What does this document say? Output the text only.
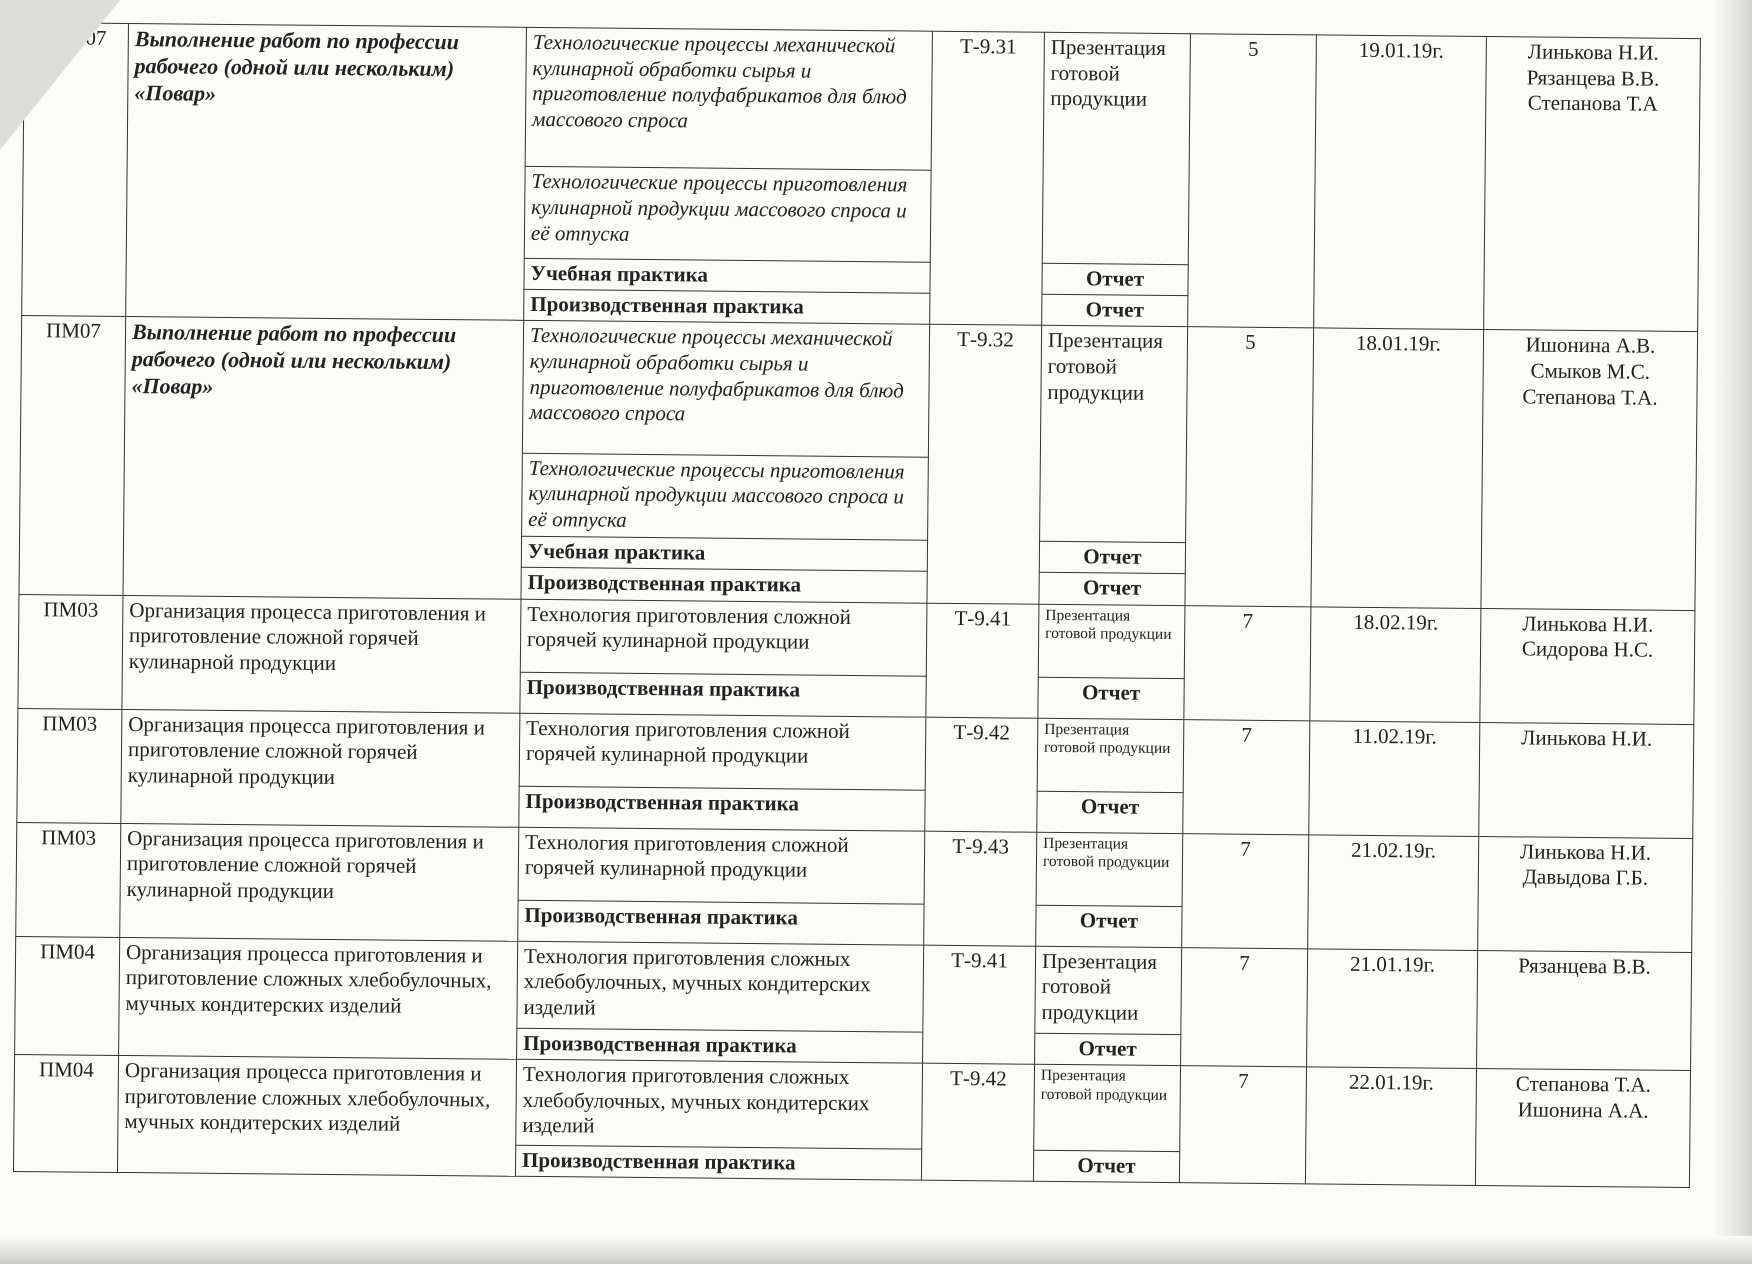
ПМ 07	Выполнение работ по профессии рабочего (одной или нескольким) «Повар»	Технологические процессы механической кулинарной обработки сырья и приготовление полуфабрикатов для блюд массового спроса	Т-9.31	Презентация готовой продукции	5	19.01.19г.	Линькова Н.И.
Рязанцева В.В.
Степанова Т.А

		Технологические процессы приготовления кулинарной продукции массового спроса и её отпуска					
		Учебная практика		Отчет			
		Производственная практика		Отчет			
ПМ07	Выполнение работ по профессии рабочего (одной или нескольким) «Повар»	Технологические процессы механической кулинарной обработки сырья и приготовление полуфабрикатов для блюд массового спроса	Т-9.32	Презентация готовой продукции	5	18.01.19г.	Ишонина А.В.
Смыков М.С.
Степанова Т.А.

		Технологические процессы приготовления кулинарной продукции массового спроса и её отпуска					
		Учебная практика		Отчет			
		Производственная практика		Отчет			
ПМ03	Организация процесса приготовления и приготовление сложной горячей кулинарной продукции	Технология приготовления сложной горячей кулинарной продукции	Т-9.41	Презентация готовой продукции	7	18.02.19г.	Линькова Н.И.
Сидорова Н.С.

		Производственная практика		Отчет			
ПМ03	Организация процесса приготовления и приготовление сложной горячей кулинарной продукции	Технология приготовления сложной горячей кулинарной продукции	Т-9.42	Презентация готовой продукции	7	11.02.19г.	Линькова Н.И.

		Производственная практика		Отчет			
ПМ03	Организация процесса приготовления и приготовление сложной горячей кулинарной продукции	Технология приготовления сложной горячей кулинарной продукции	Т-9.43	Презентация готовой продукции	7	21.02.19г.	Линькова Н.И.
Давыдова Г.Б.

		Производственная практика		Отчет			
ПМ04	Организация процесса приготовления и приготовление сложных хлебобулочных, мучных кондитерских изделий	Технология приготовления сложных хлебобулочных, мучных кондитерских изделий	Т-9.41	Презентация готовой продукции	7	21.01.19г.	Рязанцева В.В.

		Производственная практика		Отчет			
ПМ04	Организация процесса приготовления и приготовление сложных хлебобулочных, мучных кондитерских изделий	Технология приготовления сложных хлебобулочных, мучных кондитерских изделий	Т-9.42	Презентация готовой продукции	7	22.01.19г.	Степанова Т.А.
Ишонина А.А.

		Производственная практика		Отчет			
